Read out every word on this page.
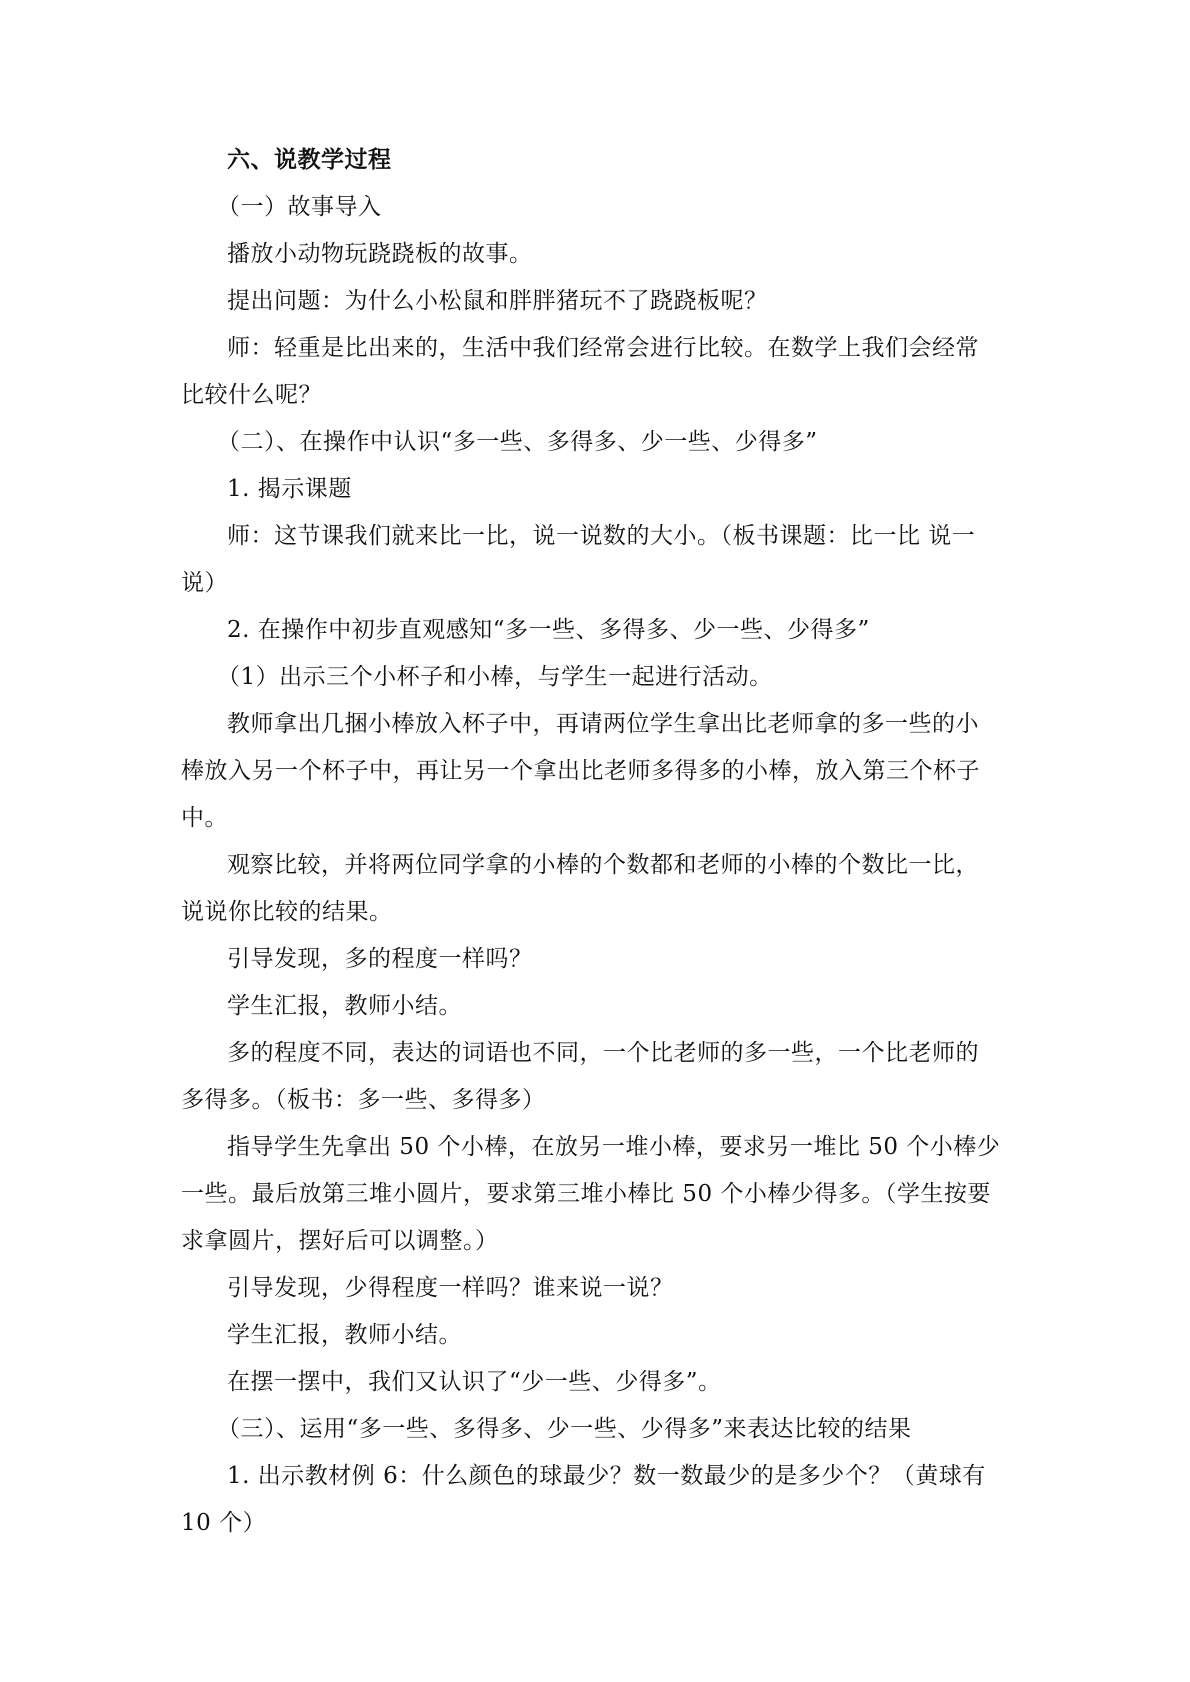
六、说教学过程
（一）故事导入
播放小动物玩跷跷板的故事。
提出问题：为什么小松鼠和胖胖猪玩不了跷跷板呢？
师：轻重是比出来的，生活中我们经常会进行比较。在数学上我们会经常
比较什么呢？
（二）、在操作中认识“多一些、多得多、少一些、少得多”
1. 揭示课题
师：这节课我们就来比一比，说一说数的大小。（板书课题：比一比 说一
说）
2. 在操作中初步直观感知“多一些、多得多、少一些、少得多”
（1）出示三个小杯子和小棒，与学生一起进行活动。
教师拿出几捆小棒放入杯子中，再请两位学生拿出比老师拿的多一些的小
棒放入另一个杯子中，再让另一个拿出比老师多得多的小棒，放入第三个杯子
中。
观察比较，并将两位同学拿的小棒的个数都和老师的小棒的个数比一比，
说说你比较的结果。
引导发现，多的程度一样吗？
学生汇报，教师小结。
多的程度不同，表达的词语也不同，一个比老师的多一些，一个比老师的
多得多。（板书：多一些、多得多）
指导学生先拿出 50 个小棒，在放另一堆小棒，要求另一堆比 50 个小棒少
一些。最后放第三堆小圆片，要求第三堆小棒比 50 个小棒少得多。（学生按要
求拿圆片，摆好后可以调整。）
引导发现，少得程度一样吗？谁来说一说？
学生汇报，教师小结。
在摆一摆中，我们又认识了“少一些、少得多”。
（三）、运用“多一些、多得多、少一些、少得多”来表达比较的结果
1. 出示教材例 6：什么颜色的球最少？数一数最少的是多少个？（黄球有
10 个）
